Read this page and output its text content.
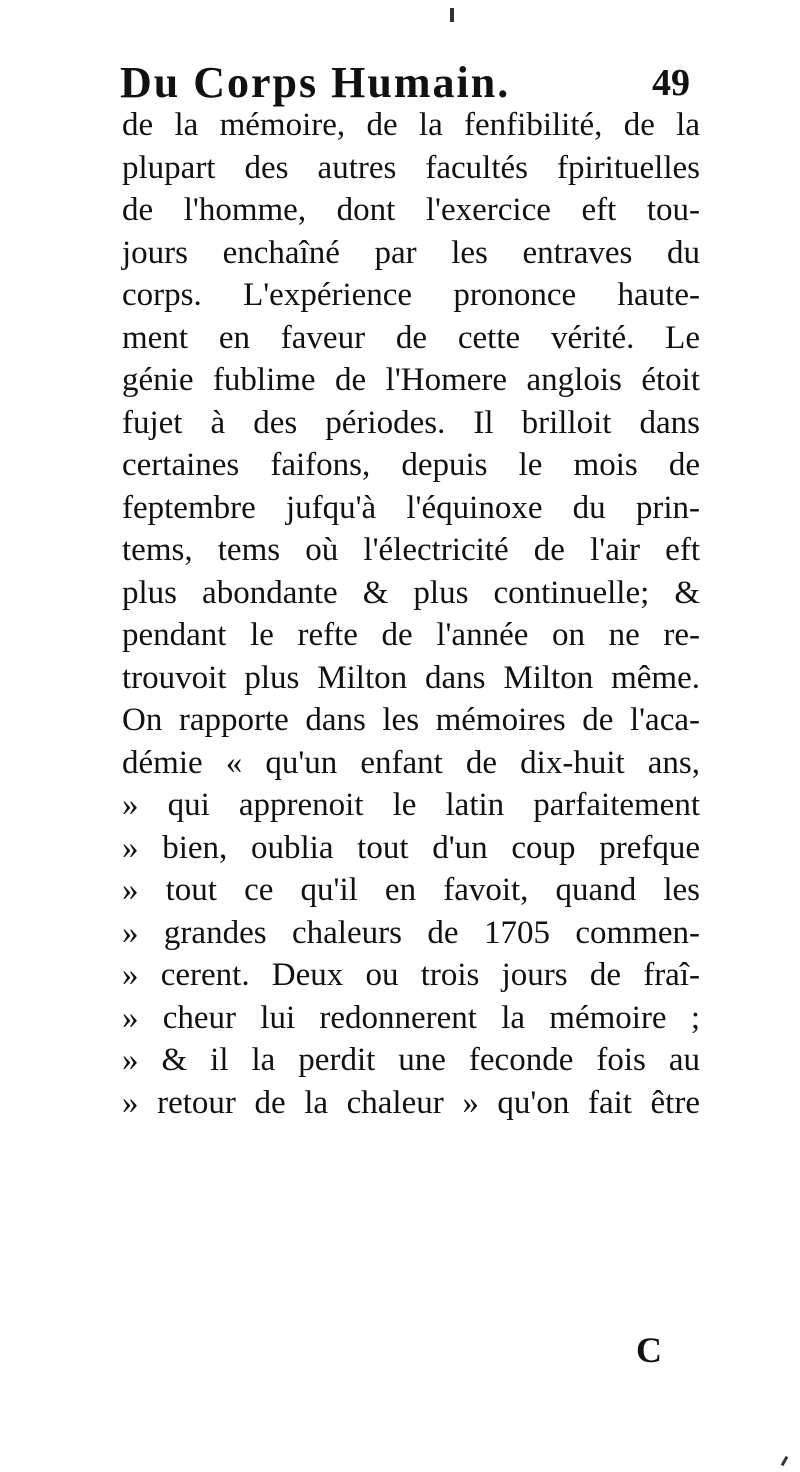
Du Corps Humain.	49
de la mémoire, de la fenfibilité, de la
plupart des autres facultés fpirituelles
de l'homme, dont l'exercice eft tou-
jours enchaîné par les entraves du
corps. L'expérience prononce haute-
ment en faveur de cette vérité. Le
génie fublime de l'Homere anglois étoit
fujet à des périodes. Il brilloit dans
certaines faifons, depuis le mois de
feptembre jufqu'à l'équinoxe du prin-
tems, tems où l'électricité de l'air eft
plus abondante & plus continuelle; &
pendant le refte de l'année on ne re-
trouvoit plus Milton dans Milton même.
On rapporte dans les mémoires de l'aca-
démie « qu'un enfant de dix-huit ans,
» qui apprenoit le latin parfaitement
» bien, oublia tout d'un coup prefque
» tout ce qu'il en favoit, quand les
» grandes chaleurs de 1705 commen-
» cerent. Deux ou trois jours de fraî-
» cheur lui redonnerent la mémoire ;
» & il la perdit une feconde fois au
» retour de la chaleur » qu'on fait être
C
